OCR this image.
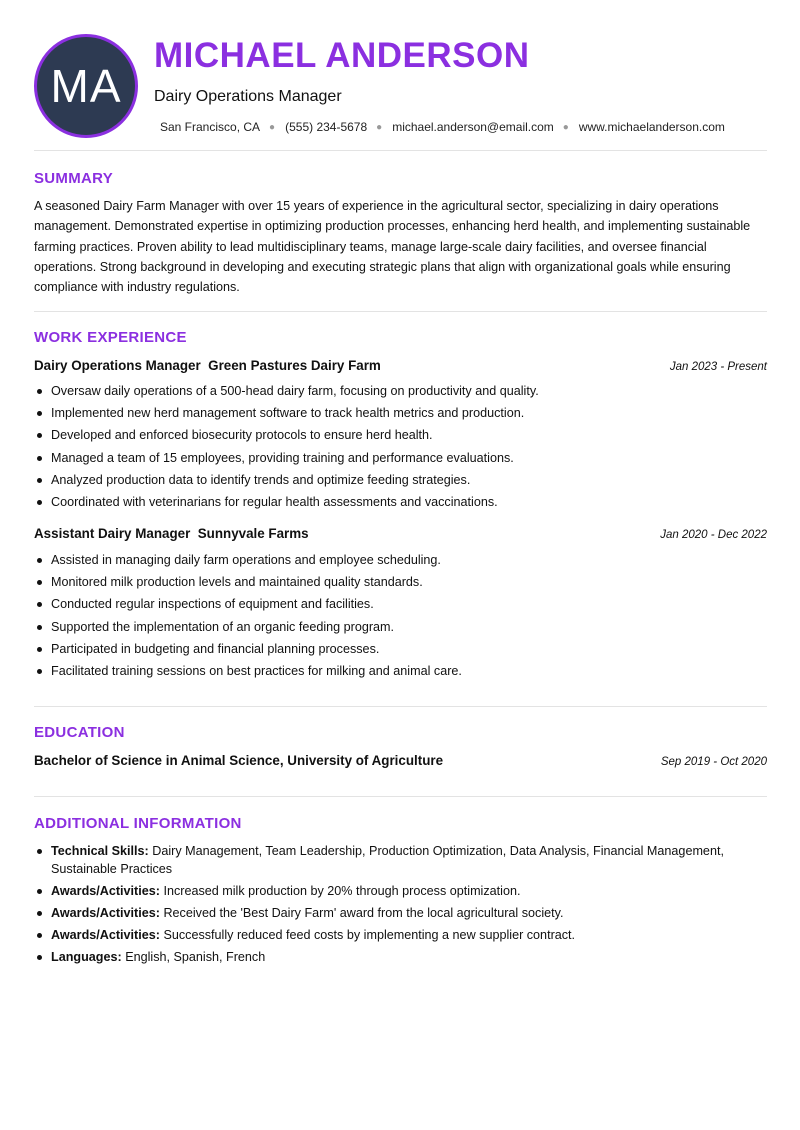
MA
MICHAEL ANDERSON
Dairy Operations Manager
San Francisco, CA ● (555) 234-5678 ● michael.anderson@email.com ● www.michaelanderson.com
SUMMARY

A seasoned Dairy Farm Manager with over 15 years of experience in the agricultural sector, specializing in dairy operations management. Demonstrated expertise in optimizing production processes, enhancing herd health, and implementing sustainable farming practices. Proven ability to lead multidisciplinary teams, manage large-scale dairy facilities, and oversee financial operations. Strong background in developing and executing strategic plans that align with organizational goals while ensuring compliance with industry regulations.

WORK EXPERIENCE
Dairy Operations Manager Green Pastures Dairy Farm	Jan 2023 - Present
Oversaw daily operations of a 500-head dairy farm, focusing on productivity and quality.
Implemented new herd management software to track health metrics and production.
Developed and enforced biosecurity protocols to ensure herd health.
Managed a team of 15 employees, providing training and performance evaluations.
Analyzed production data to identify trends and optimize feeding strategies.
Coordinated with veterinarians for regular health assessments and vaccinations.
Assistant Dairy Manager Sunnyvale Farms	Jan 2020 - Dec 2022
Assisted in managing daily farm operations and employee scheduling.
Monitored milk production levels and maintained quality standards.
Conducted regular inspections of equipment and facilities.
Supported the implementation of an organic feeding program.
Participated in budgeting and financial planning processes.
Facilitated training sessions on best practices for milking and animal care.
EDUCATION
Bachelor of Science in Animal Science, University of Agriculture	Sep 2019 - Oct 2020
ADDITIONAL INFORMATION
Technical Skills: Dairy Management, Team Leadership, Production Optimization, Data Analysis, Financial Management, Sustainable Practices
Awards/Activities: Increased milk production by 20% through process optimization.
Awards/Activities: Received the 'Best Dairy Farm' award from the local agricultural society.
Awards/Activities: Successfully reduced feed costs by implementing a new supplier contract.
Languages: English, Spanish, French
